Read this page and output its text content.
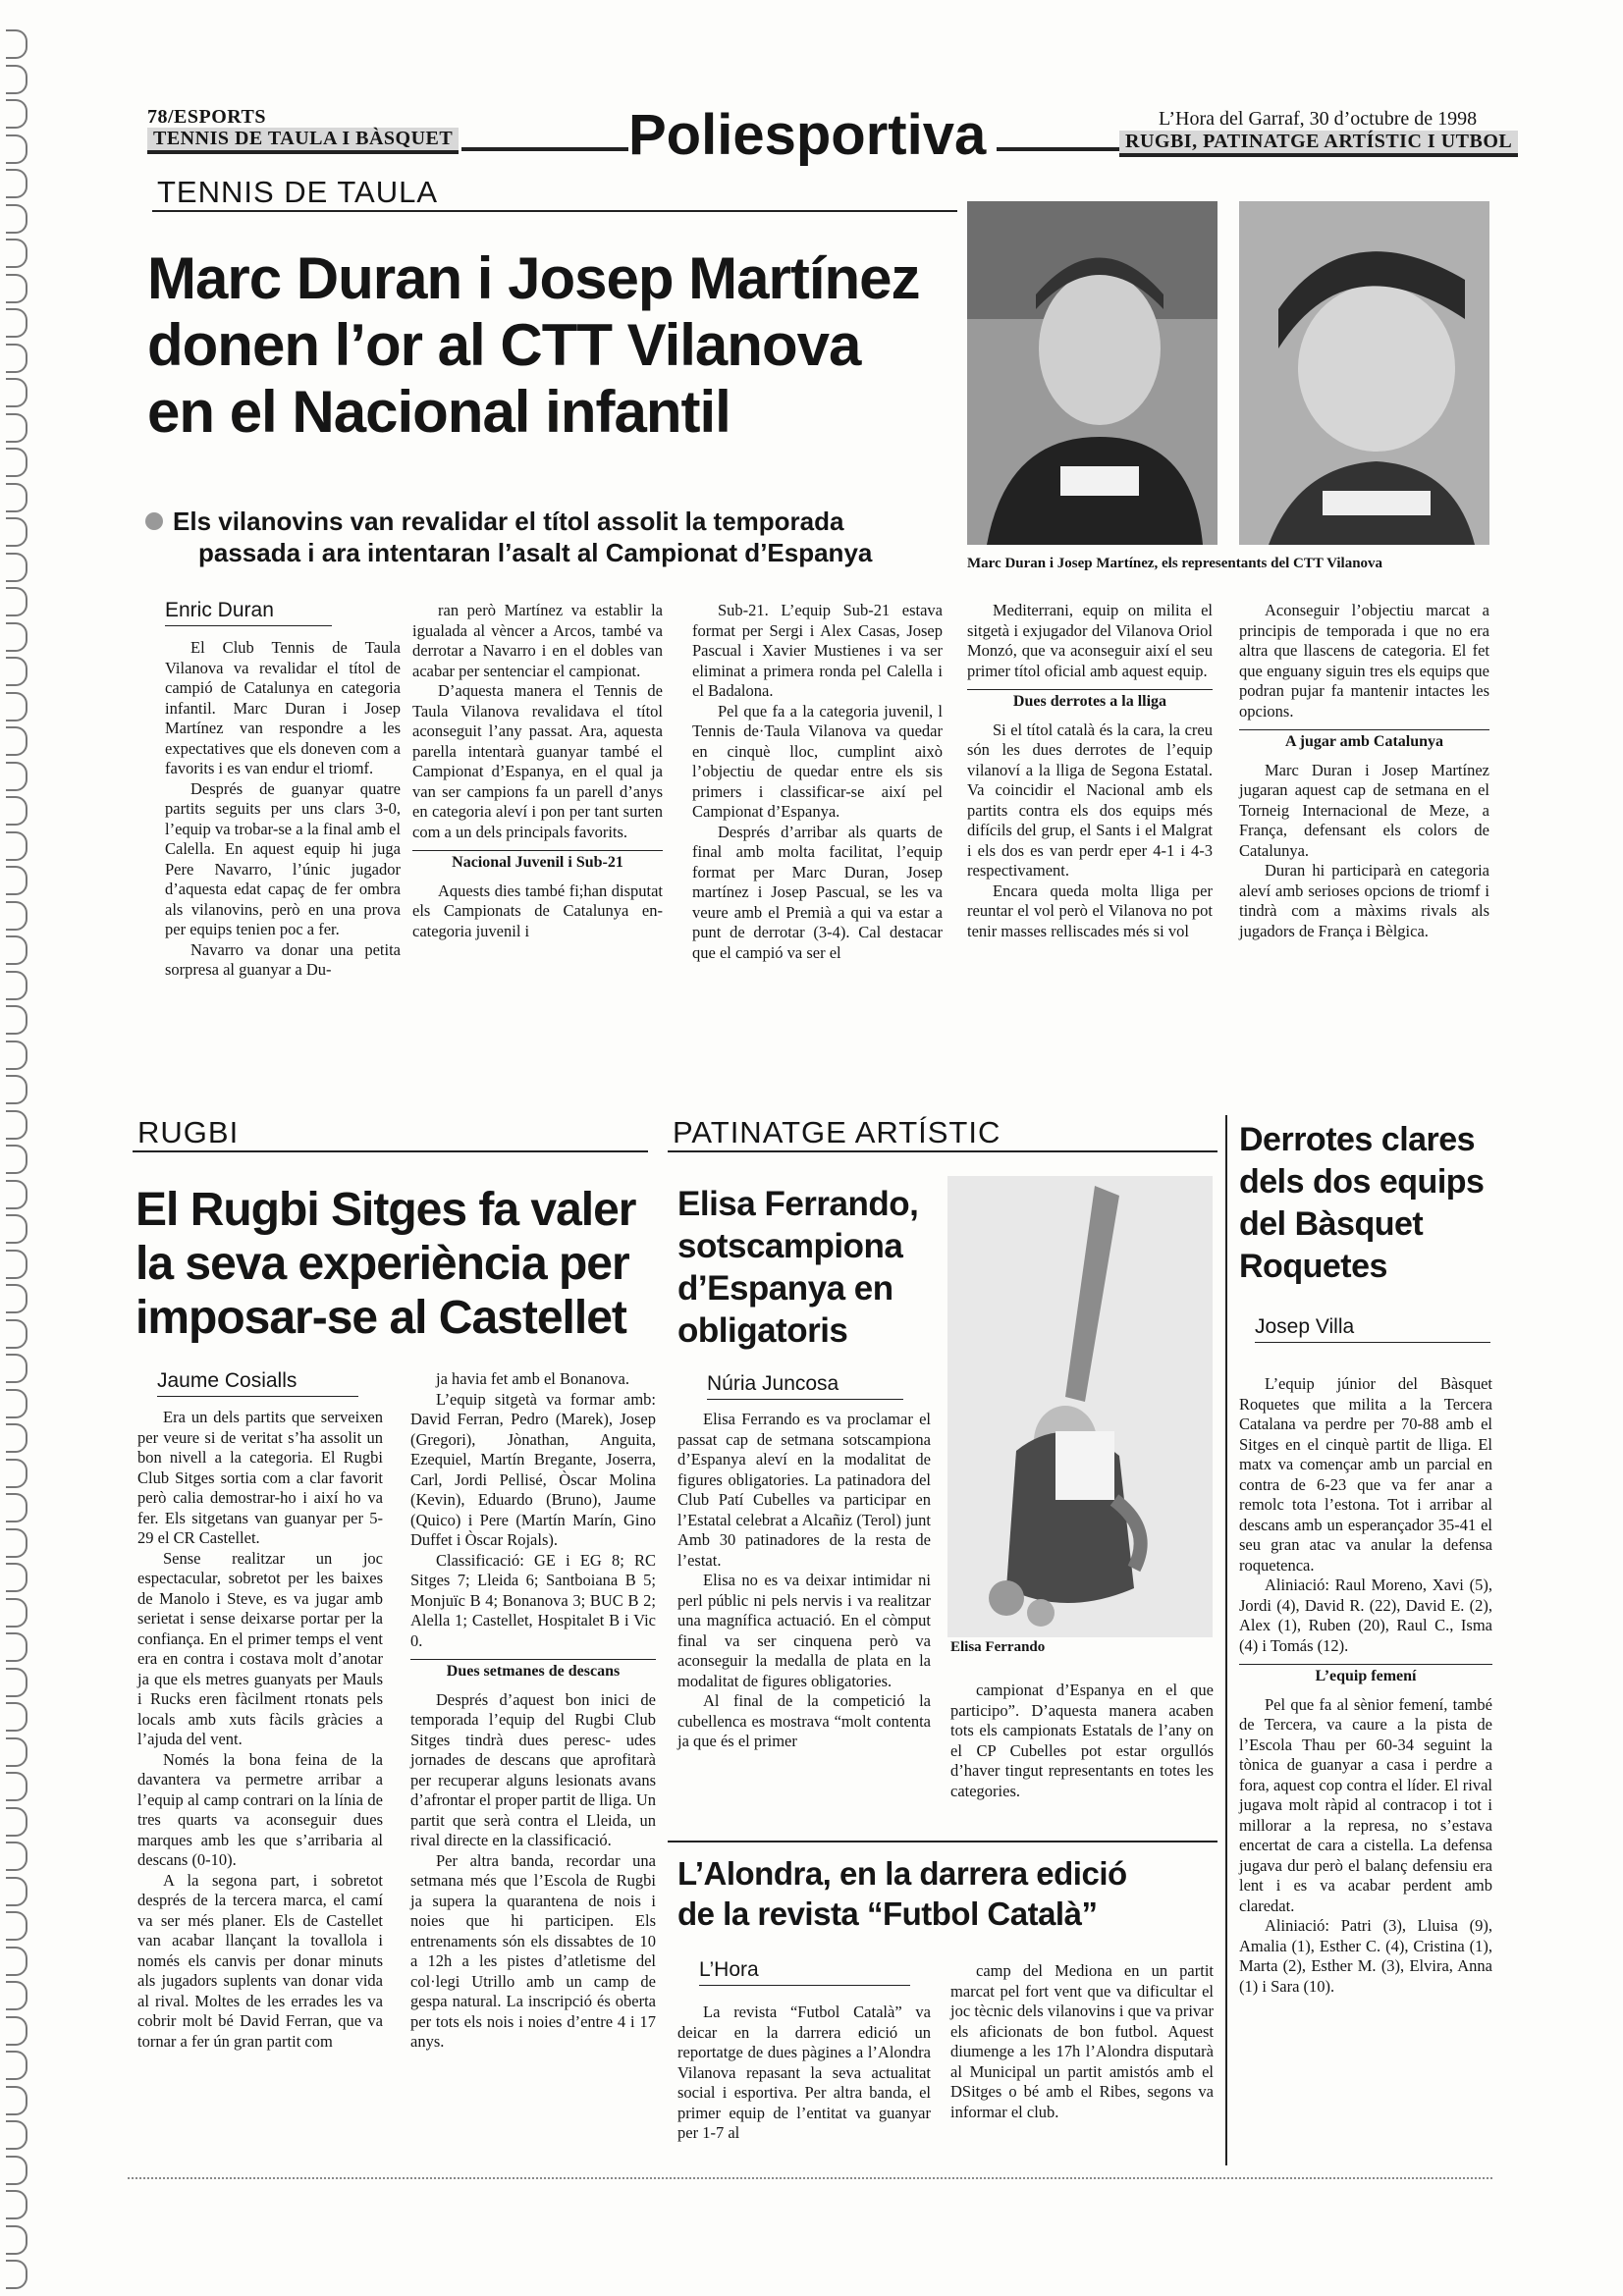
78/ESPORTS
TENNIS DE TAULA I BÀSQUET	Poliesportiva	L’Hora del Garraf, 30 d’octubre de 1998
RUGBI, PATINATGE ARTÍSTIC I UTBOL
TENNIS DE TAULA
Marc Duran i Josep Martínez
donen l’or al CTT Vilanova
en el Nacional infantil
Els vilanovins van revalidar el títol assolit la temporada
passada i ara intentaran l’asalt al Campionat d’Espanya	Marc Duran i Josep Martínez, els representants del CTT Vilanova
Enric Duran

El Club Tennis de Taula Vilanova va revalidar el títol de campió de Catalunya en categoria infantil. Marc Duran i Josep Martínez van respondre a les expectatives que els doneven com a favorits i es van endur el triomf.

Després de guanyar quatre partits seguits per uns clars 3-0, l’equip va trobar-se a la final amb el Calella. En aquest equip hi juga Pere Navarro, l’únic jugador d’aquesta edat capaç de fer ombra als vilanovins, però en una prova per equips tenien poc a fer.

Navarro va donar una petita sorpresa al guanyar a Du-

ran però Martínez va establir la igualada al vèncer a Arcos, també va derrotar a Navarro i en el dobles van acabar per sentenciar el campionat.

D’aquesta manera el Tennis de Taula Vilanova revalidava el títol aconseguit l’any passat. Ara, aquesta parella intentarà guanyar també el Campionat d’Espanya, en el qual ja van ser campions fa un parell d’anys en categoria aleví i pon per tant surten com a un dels principals favorits.

Nacional Juvenil i Sub-21

Aquests dies també fi;han disputat els Campionats de Catalunya en-categoria juvenil i

Sub-21. L’equip Sub-21 estava format per Sergi i Alex Casas, Josep Pascual i Xavier Mustienes i va ser eliminat a primera ronda pel Calella i el Badalona.

Pel que fa a la categoria juvenil, l Tennis de·Taula Vilanova va quedar en cinquè lloc, cumplint això l’objectiu de quedar entre els sis primers i classificar-se així pel Campionat d’Espanya.

Després d’arribar als quarts de final amb molta facilitat, l’equip format per Marc Duran, Josep martínez i Josep Pascual, se les va veure amb el Premià a qui va estar a punt de derrotar (3-4). Cal destacar que el campió va ser el

Mediterrani, equip on milita el sitgetà i exjugador del Vilanova Oriol Monzó, que va aconseguir així el seu primer títol oficial amb aquest equip.

Dues derrotes a la lliga

Si el títol català és la cara, la creu són les dues derrotes de l’equip vilanoví a la lliga de Segona Estatal. Va coincidir el Nacional amb els partits contra els dos equips més difícils del grup, el Sants i el Malgrat i els dos es van perdr eper 4-1 i 4-3 respectivament.

Encara queda molta lliga per reuntar el vol però el Vilanova no pot tenir masses relliscades més si vol

Aconseguir l’objectiu marcat a principis de temporada i que no era altra que llascens de categoria. El fet que enguany siguin tres els equips que podran pujar fa mantenir intactes les opcions.

A jugar amb Catalunya

Marc Duran i Josep Martínez jugaran aquest cap de setmana en el Torneig Internacional de Meze, a França, defensant els colors de Catalunya.

Duran hi participarà en categoria aleví amb serioses opcions de triomf i tindrà com a màxims rivals als jugadors de França i Bèlgica.

RUGBI
El Rugbi Sitges fa valer
la seva experiència per
imposar-se al Castellet
Jaume Cosialls

Era un dels partits que serveixen per veure si de veritat s’ha assolit un bon nivell a la categoria. El Rugbi Club Sitges sortia com a clar favorit però calia demostrar-ho i així ho va fer. Els sitgetans van guanyar per 5-29 el CR Castellet.

Sense realitzar un joc espectacular, sobretot per les baixes de Manolo i Steve, es va jugar amb serietat i sense deixarse portar per la confiança. En el primer temps el vent era en contra i costava molt d’anotar ja que els metres guanyats per Mauls i Rucks eren fàcilment rtonats pels locals amb xuts fàcils gràcies a l’ajuda del vent.

Només la bona feina de la davantera va permetre arribar a l’equip al camp contrari on la línia de tres quarts va aconseguir dues marques amb les que s’arribaria al descans (0-10).

A la segona part, i sobretot després de la tercera marca, el camí va ser més planer. Els de Castellet van acabar llançant la tovallola i només els canvis per donar minuts als jugadors suplents van donar vida al rival. Moltes de les errades les va cobrir molt bé David Ferran, que va tornar a fer ún gran partit com

ja havia fet amb el Bonanova.

L’equip sitgetà va formar amb: David Ferran, Pedro (Marek), Josep (Gregori), Jònathan, Anguita, Ezequiel, Martín Bregante, Joserra, Carl, Jordi Pellisé, Òscar Molina (Kevin), Eduardo (Bruno), Jaume (Quico) i Pere (Martín Marín, Gino Duffet i Òscar Rojals).

Classificació: GE i EG 8; RC Sitges 7; Lleida 6; Santboiana B 5; Monjuïc B 4; Bonanova 3; BUC B 2; Alella 1; Castellet, Hospitalet B i Vic 0.

Dues setmanes de descans

Després d’aquest bon inici de temporada l’equip del Rugbi Club Sitges tindrà dues peresc- udes jornades de descans que aprofitarà per recuperar alguns lesionats avans d’afrontar el proper partit de lliga. Un partit que serà contra el Lleida, un rival directe en la classificació.

Per altra banda, recordar una setmana més que l’Escola de Rugbi ja supera la quarantena de nois i noies que hi participen. Els entrenaments són els dissabtes de 10 a 12h a les pistes d’atletisme del col·legi Utrillo amb un camp de gespa natural. La inscripció és oberta per tots els nois i noies d’entre 4 i 17 anys.

PATINATGE ARTÍSTIC
Elisa Ferrando,
sotscampiona
d’Espanya en
obligatoris
Núria Juncosa
Elisa Ferrando

Elisa Ferrando es va proclamar el passat cap de setmana sotscampiona d’Espanya aleví en la modalitat de figures obligatories. La patinadora del Club Patí Cubelles va participar en l’Estatal celebrat a Alcañiz (Terol) junt Amb 30 patinadores de la resta de l’estat.

Elisa no es va deixar intimidar ni perl públic ni pels nervis i va realitzar una magnífica actuació. En el còmput final va ser cinquena però va aconseguir la medalla de plata en la modalitat de figures obligatories.

Al final de la competició la cubellenca es mostrava “molt contenta ja que és el primer

campionat d’Espanya en el que participo”. D’aquesta manera acaben tots els campionats Estatals de l’any on el CP Cubelles pot estar orgullós d’haver tingut representants en totes les categories.

L’Alondra, en la darrera edició
de la revista “Futbol Català”
L’Hora

La revista “Futbol Català” va deicar en la darrera edició un reportatge de dues pàgines a l’Alondra Vilanova repasant la seva actualitat social i esportiva. Per altra banda, el primer equip de l’entitat va guanyar per 1-7 al

camp del Mediona en un partit marcat pel fort vent que va dificultar el joc tècnic dels vilanovins i que va privar els aficionats de bon futbol. Aquest diumenge a les 17h l’Alondra disputarà al Municipal un partit amistós amb el DSitges o bé amb el Ribes, segons va informar el club.

Derrotes clares
dels dos equips
del Bàsquet
Roquetes
Josep Villa

L’equip júnior del Bàsquet Roquetes que milita a la Tercera Catalana va perdre per 70-88 amb el Sitges en el cinquè partit de lliga. El matx va començar amb un parcial en contra de 6-23 que va fer anar a remolc tota l’estona. Tot i arribar al descans amb un esperançador 35-41 el seu gran atac va anular la defensa roquetenca.

Aliniació: Raul Moreno, Xavi (5), Jordi (4), David R. (22), David E. (2), Alex (1), Ruben (20), Raul C., Isma (4) i Tomás (12).

L’equip femení

Pel que fa al sènior femení, també de Tercera, va caure a la pista de l’Escola Thau per 60-34 seguint la tònica de guanyar a casa i perdre a fora, aquest cop contra el líder. El rival jugava molt ràpid al contracop i tot i millorar a la represa, no s’estava encertat de cara a cistella. La defensa jugava dur però el balanç defensiu era lent i es va acabar perdent amb claredat.

Aliniació: Patri (3), Lluisa (9), Amalia (1), Esther C. (4), Cristina (1), Marta (2), Esther M. (3), Elvira, Anna (1) i Sara (10).
